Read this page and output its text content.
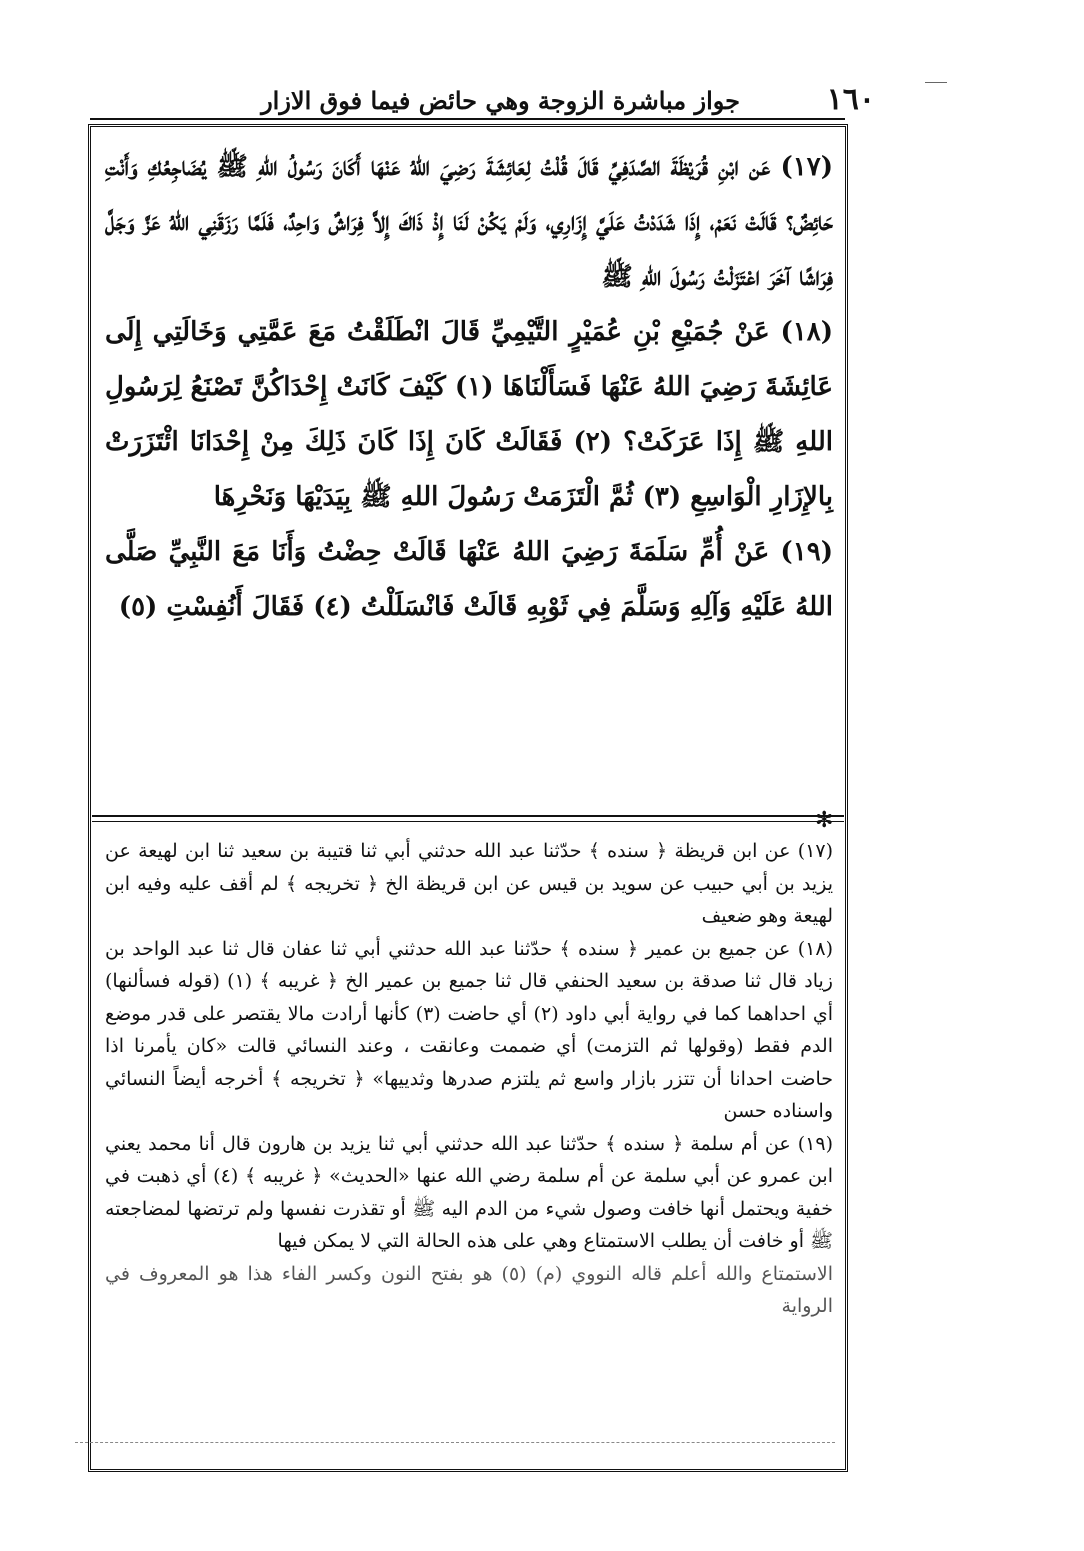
١٦٠
جواز مباشرة الزوجة وهي حائض فيما فوق الازار

(١٧) عَن ابْنِ قُرَيْظَةَ الصَّدَفِيِّ قَالَ قُلْتُ لِعَائِشَةَ رَضِيَ اللهُ عَنْهَا أَكَانَ رَسُولُ اللهِ ﷺ يُضَاجِعُكِ وَأَنْتِ حَائِضٌ؟ قَالَتْ نَعَمْ، إِذَا شَدَدْتُ عَلَيَّ إِزَارِي، وَلَمْ يَكُنْ لَنَا إِذْ ذَاكَ إِلاَّ فِرَاشٌ وَاحِدٌ، فَلَمَّا رَزَقَنِي اللهُ عَزَّ وَجَلَّ فِرَاشًا آخَرَ اعْتَزَلْتُ رَسُولَ اللهِ ﷺ

(١٨) عَنْ جُمَيْعِ بْنِ عُمَيْرٍ التَّيْمِيِّ قَالَ انْطَلَقْتُ مَعَ عَمَّتِي وَخَالَتِي إِلَى عَائِشَةَ رَضِيَ اللهُ عَنْهَا فَسَأَلْنَاهَا (١) كَيْفَ كَانَتْ إِحْدَاكُنَّ تَصْنَعُ لِرَسُولِ اللهِ ﷺ إِذَا عَرَكَتْ؟ (٢) فَقَالَتْ كَانَ إِذَا كَانَ ذَلِكَ مِنْ إِحْدَانَا ائْتَزَرَتْ بِالإِزَارِ الْوَاسِعِ (٣) ثُمَّ الْتَزَمَتْ رَسُولَ اللهِ ﷺ بِيَدَيْهَا وَنَحْرِهَا

(١٩) عَنْ أُمِّ سَلَمَةَ رَضِيَ اللهُ عَنْهَا قَالَتْ حِضْتُ وَأَنَا مَعَ النَّبِيِّ صَلَّى اللهُ عَلَيْهِ وَآلِهِ وَسَلَّمَ فِي ثَوْبِهِ قَالَتْ فَانْسَلَلْتُ (٤) فَقَالَ أَنُفِسْتِ (٥)

✻

(١٧) عن ابن قريظة ﴿ سنده ﴾ حدّثنا عبد الله حدثني أبي ثنا قتيبة بن سعيد ثنا ابن لهيعة عن يزيد بن أبي حبيب عن سويد بن قيس عن ابن قريظة الخ ﴿ تخريجه ﴾ لم أقف عليه وفيه ابن لهيعة وهو ضعيف

(١٨) عن جميع بن عمير ﴿ سنده ﴾ حدّثنا عبد الله حدثني أبي ثنا عفان قال ثنا عبد الواحد بن زياد قال ثنا صدقة بن سعيد الحنفي قال ثنا جميع بن عمير الخ ﴿ غريبه ﴾ (١) (قوله فسألنها) أي احداهما كما في رواية أبي داود (٢) أي حاضت (٣) كأنها أرادت مالا يقتصر على قدر موضع الدم فقط (وقولها ثم التزمت) أي ضممت وعانقت ، وعند النسائي قالت «كان يأمرنا اذا حاضت احدانا أن تتزر بازار واسع ثم يلتزم صدرها وثدييها» ﴿ تخريجه ﴾ أخرجه أيضاً النسائي واسناده حسن

(١٩) عن أم سلمة ﴿ سنده ﴾ حدّثنا عبد الله حدثني أبي ثنا يزيد بن هارون قال أنا محمد يعني ابن عمرو عن أبي سلمة عن أم سلمة رضي الله عنها «الحديث» ﴿ غريبه ﴾ (٤) أي ذهبت في خفية ويحتمل أنها خافت وصول شيء من الدم اليه ﷺ أو تقذرت نفسها ولم ترتضها لمضاجعته ﷺ أو خافت أن يطلب الاستمتاع وهي على هذه الحالة التي لا يمكن فيها

الاستمتاع والله أعلم قاله النووي (م) (٥) هو بفتح النون وكسر الفاء هذا هو المعروف في الرواية
